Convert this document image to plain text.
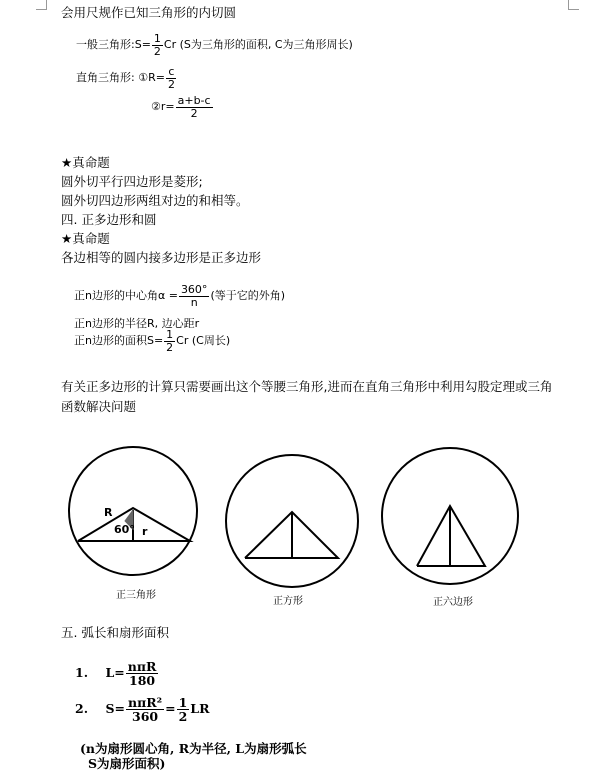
会用尺规作已知三角形的内切圆
一般三角形:S= $\frac{1}{2}$ Cr (S为三角形的面积, C为三角形周长)
直角三角形: ①R= $\frac{c}{2}$
②r= $\frac{a+b-c}{2}$
★真命题
圆外切平行四边形是菱形;
圆外切四边形两组对边的和相等。
四. 正多边形和圆
★真命题
各边相等的圆内接多边形是正多边形
正n边形的中心角$\alpha = \frac{360^\circ}{n}$ (等于它的外角)
正n边形的半径R, 边心距r
正n边形的面积$S= \frac{1}{2}$ Cr (C周长)
有关正多边形的计算只需要画出这个等腰三角形,进而在直角三角形中利用勾股定理或三角
函数解决问题
R
60° r
正三角形
正方形	正六边形
五. 弧长和扇形面积
1. $L= \frac{\text{nπR}}{180}$
2. $S= \frac{\text{nπR²}}{360} = \frac{1}{2}$ LR
(n为扇形圆心角, R为半径, L为扇形弧长
S为扇形面积)
